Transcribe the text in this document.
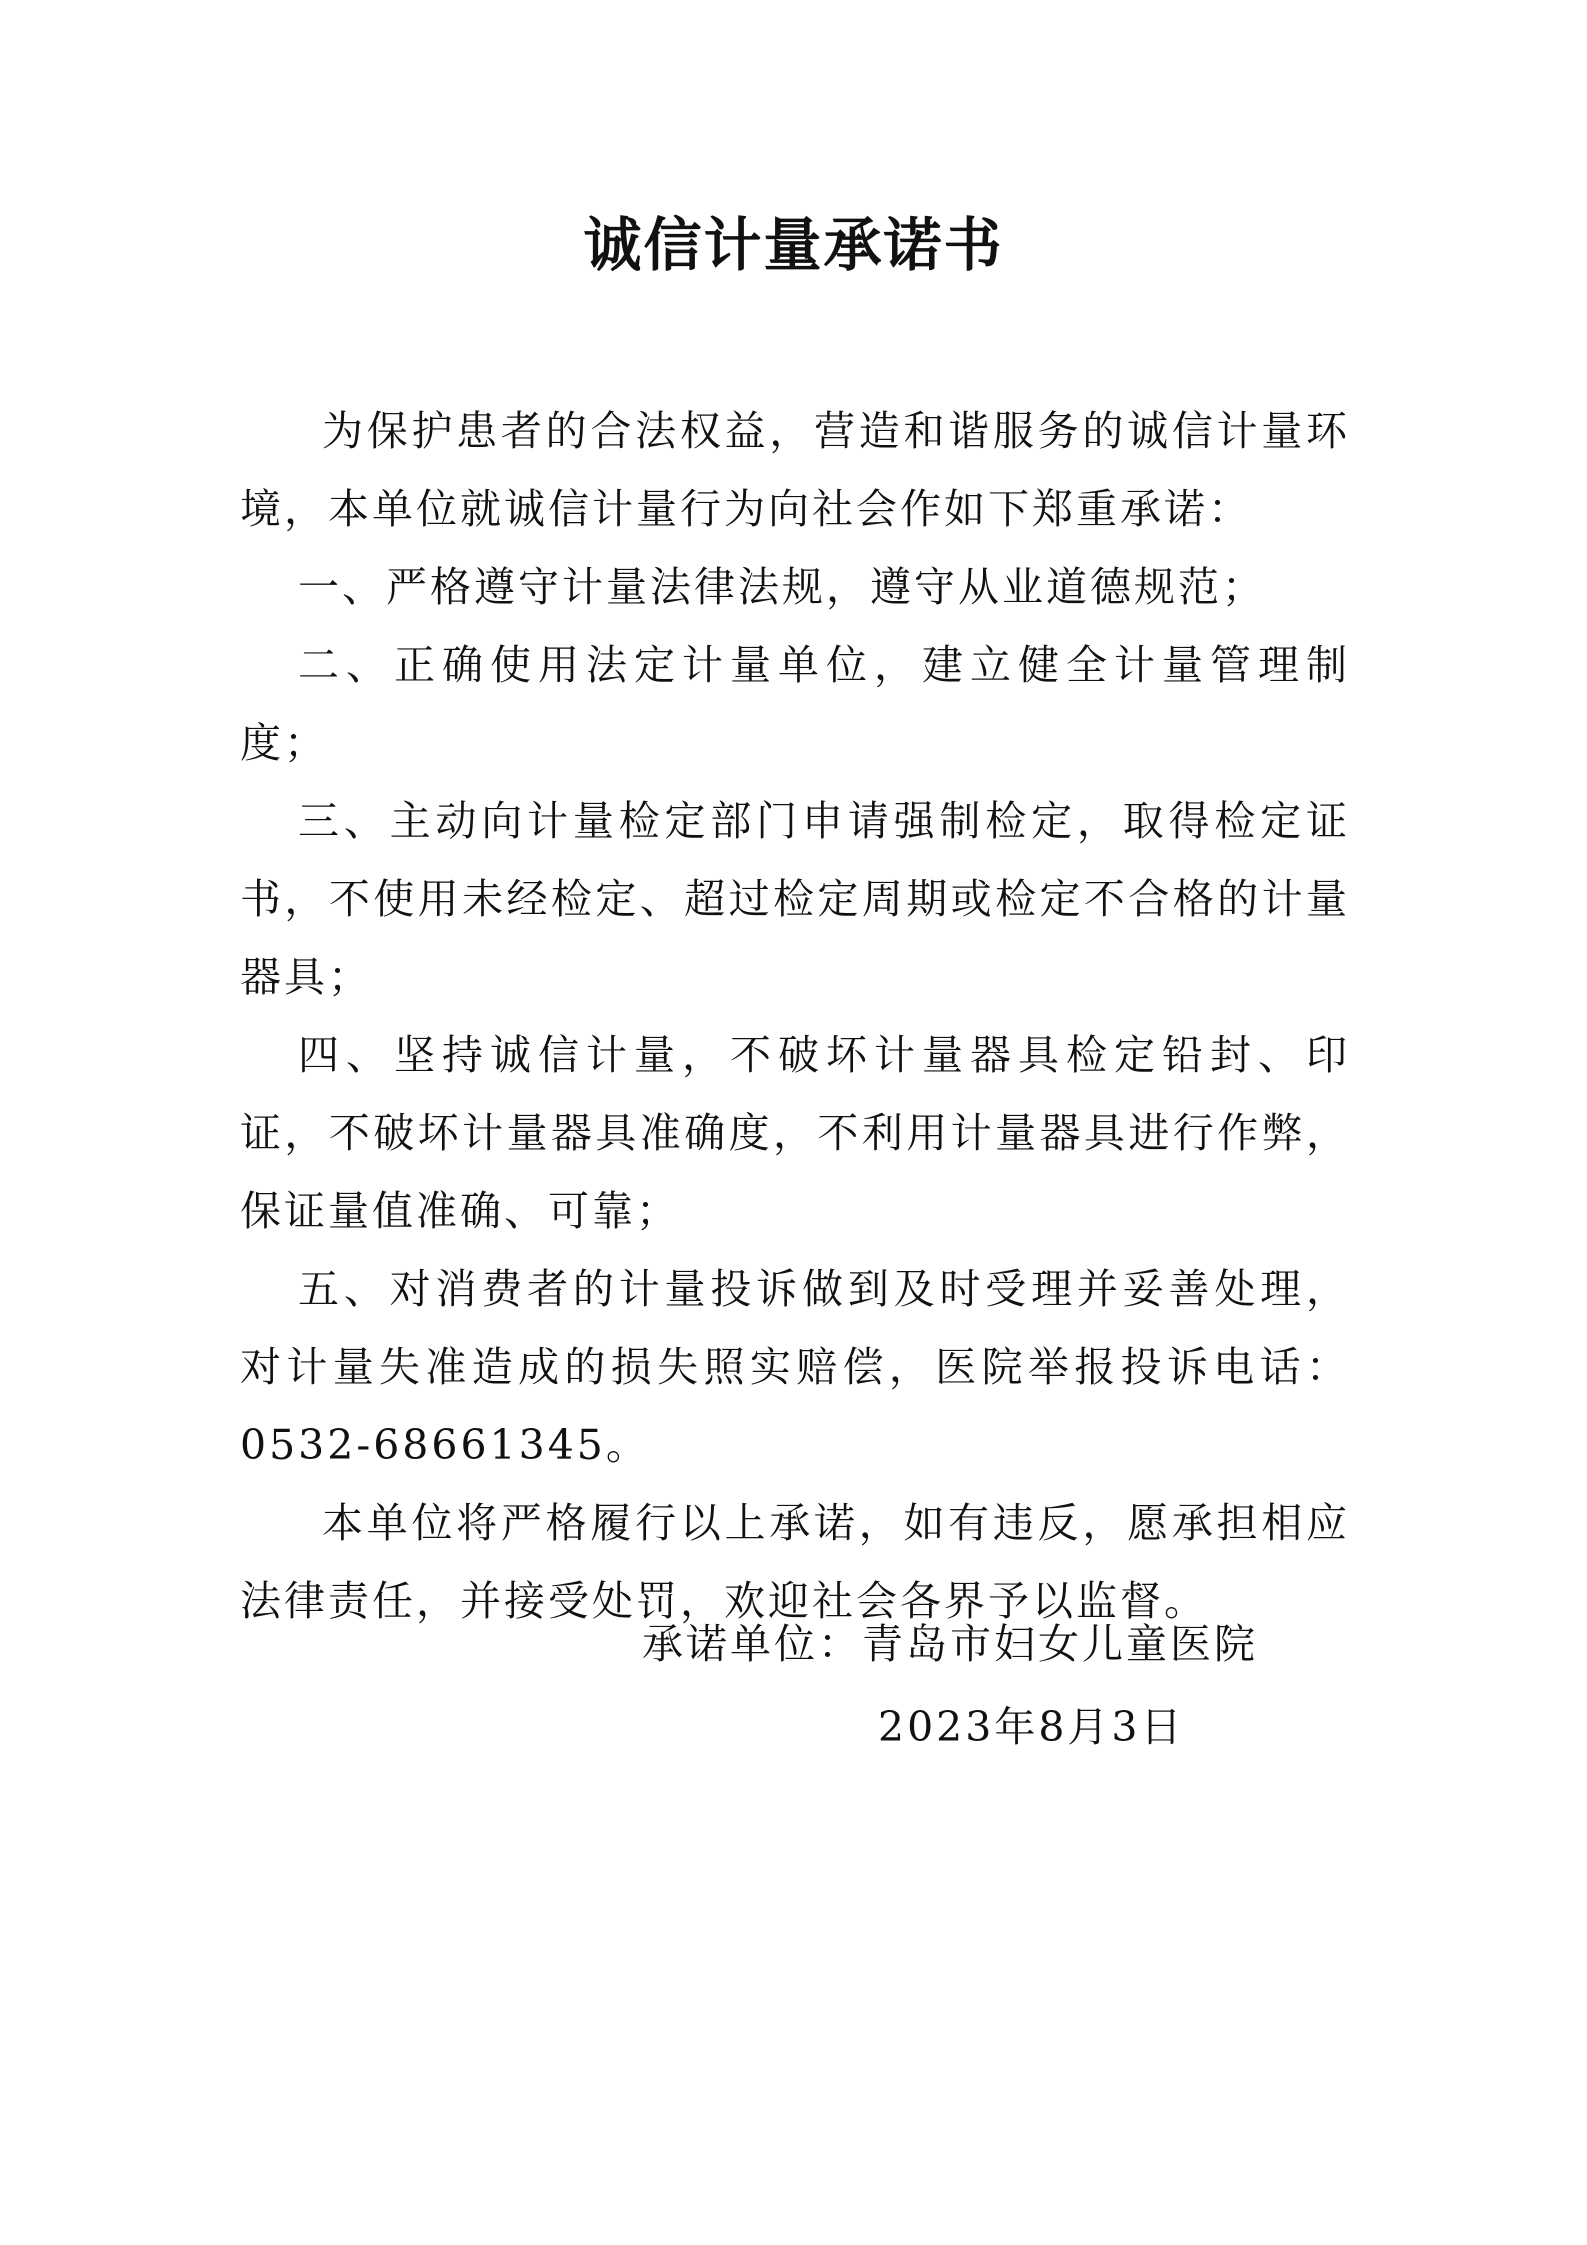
诚信计量承诺书

为保护患者的合法权益，营造和谐服务的诚信计量环境，本单位就诚信计量行为向社会作如下郑重承诺：

一、严格遵守计量法律法规，遵守从业道德规范；

二、正确使用法定计量单位，建立健全计量管理制度；

三、主动向计量检定部门申请强制检定，取得检定证书，不使用未经检定、超过检定周期或检定不合格的计量器具；

四、坚持诚信计量，不破坏计量器具检定铅封、印证，不破坏计量器具准确度，不利用计量器具进行作弊，保证量值准确、可靠；

五、对消费者的计量投诉做到及时受理并妥善处理，对计量失准造成的损失照实赔偿，医院举报投诉电话：0532-68661345。

本单位将严格履行以上承诺，如有违反，愿承担相应法律责任，并接受处罚，欢迎社会各界予以监督。

承诺单位：青岛市妇女儿童医院

2023年8月3日
